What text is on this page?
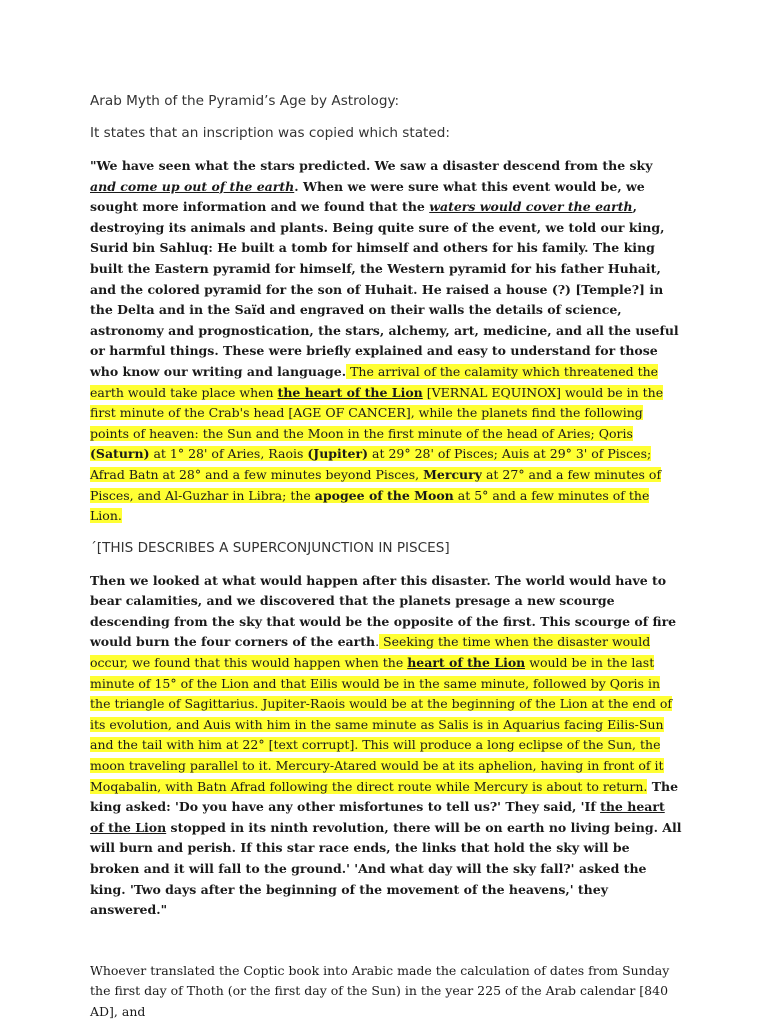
Arab Myth of the Pyramid’s Age by Astrology:

It states that an inscription was copied which stated:

"We have seen what the stars predicted. We saw a disaster descend from the sky and come up out of the earth. When we were sure what this event would be, we sought more information and we found that the waters would cover the earth, destroying its animals and plants. Being quite sure of the event, we told our king, Surid bin Sahluq: He built a tomb for himself and others for his family. The king built the Eastern pyramid for himself, the Western pyramid for his father Huhait, and the colored pyramid for the son of Huhait. He raised a house (?) [Temple?] in the Delta and in the Saïd and engraved on their walls the details of science, astronomy and prognostication, the stars, alchemy, art, medicine, and all the useful or harmful things. These were briefly explained and easy to understand for those who know our writing and language. The arrival of the calamity which threatened the earth would take place when the heart of the Lion [VERNAL EQUINOX] would be in the first minute of the Crab's head [AGE OF CANCER], while the planets find the following points of heaven: the Sun and the Moon in the first minute of the head of Aries; Qoris (Saturn) at 1° 28' of Aries, Raois (Jupiter) at 29° 28' of Pisces; Auis at 29° 3' of Pisces; Afrad Batn at 28° and a few minutes beyond Pisces, Mercury at 27° and a few minutes of Pisces, and Al-Guzhar in Libra; the apogee of the Moon at 5° and a few minutes of the Lion.

´[THIS DESCRIBES A SUPERCONJUNCTION IN PISCES]

Then we looked at what would happen after this disaster. The world would have to bear calamities, and we discovered that the planets presage a new scourge descending from the sky that would be the opposite of the first. This scourge of fire would burn the four corners of the earth. Seeking the time when the disaster would occur, we found that this would happen when the heart of the Lion would be in the last minute of 15° of the Lion and that Eilis would be in the same minute, followed by Qoris in the triangle of Sagittarius. Jupiter-Raois would be at the beginning of the Lion at the end of its evolution, and Auis with him in the same minute as Salis is in Aquarius facing Eilis-Sun and the tail with him at 22° [text corrupt]. This will produce a long eclipse of the Sun, the moon traveling parallel to it. Mercury-Atared would be at its aphelion, having in front of it Moqabalin, with Batn Afrad following the direct route while Mercury is about to return. The king asked: 'Do you have any other misfortunes to tell us?' They said, 'If the heart of the Lion stopped in its ninth revolution, there will be on earth no living being. All will burn and perish. If this star race ends, the links that hold the sky will be broken and it will fall to the ground.' 'And what day will the sky fall?' asked the king. 'Two days after the beginning of the movement of the heavens,' they answered."

Whoever translated the Coptic book into Arabic made the calculation of dates from Sunday the first day of Thoth (or the first day of the Sun) in the year 225 of the Arab calendar [840 AD], and
